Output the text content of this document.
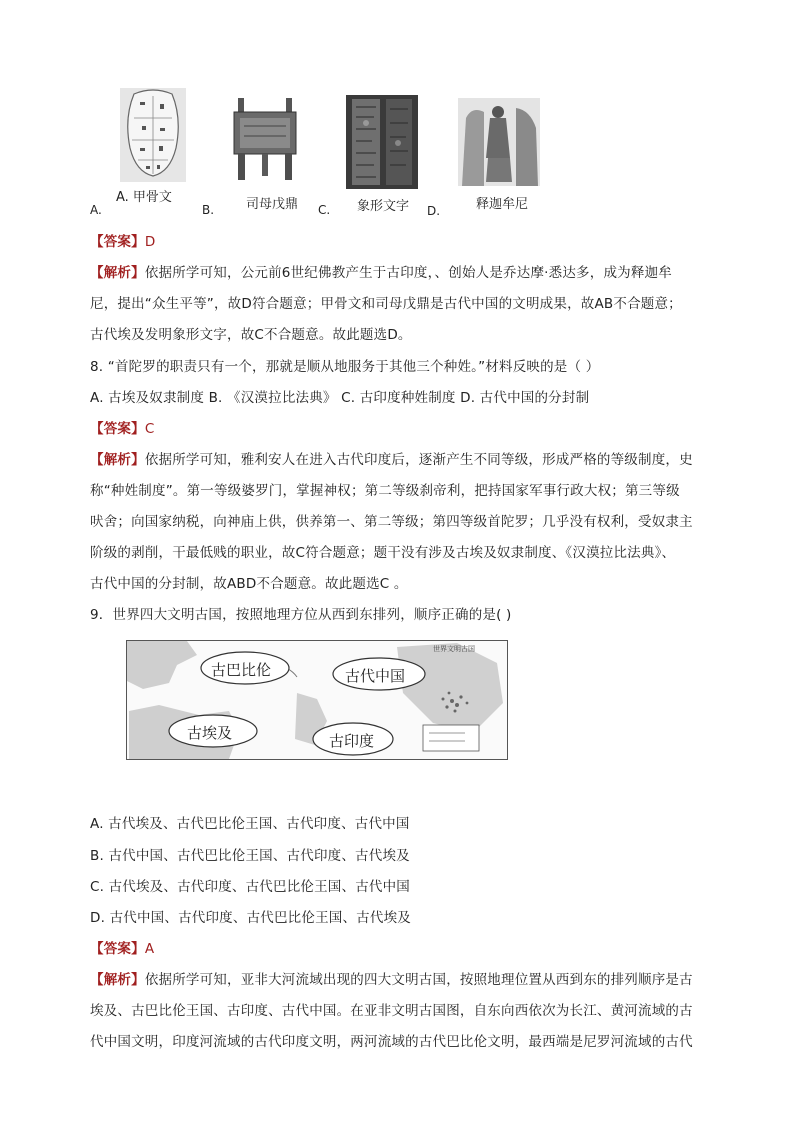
A. 甲骨文
A.	司母戊鼎
B.	象形文字
C.	释迦牟尼
D.
【答案】D
【解析】依据所学可知，公元前6世纪佛教产生于古印度，、创始人是乔达摩·悉达多，成为释迦牟
尼，提出“众生平等”，故D符合题意；甲骨文和司母戊鼎是古代中国的文明成果，故AB不合题意；
古代埃及发明象形文字，故C不合题意。故此题选D。
8. “首陀罗的职责只有一个，那就是顺从地服务于其他三个种姓。”材料反映的是（ ）
A. 古埃及奴隶制度 B. 《汉漠拉比法典》 C. 古印度种姓制度 D. 古代中国的分封制
【答案】C
【解析】依据所学可知，雅利安人在进入古代印度后，逐渐产生不同等级，形成严格的等级制度，史
称“种姓制度”。第一等级婆罗门，掌握神权；第二等级刹帝利，把持国家军事行政大权；第三等级
吠舍；向国家纳税，向神庙上供，供养第一、第二等级；第四等级首陀罗；几乎没有权利，受奴隶主
阶级的剥削，干最低贱的职业，故C符合题意；题干没有涉及古埃及奴隶制度、《汉漠拉比法典》、
古代中国的分封制，故ABD不合题意。故此题选C 。
9．世界四大文明古国，按照地理方位从西到东排列，顺序正确的是( )
古巴比伦	古代中国
古埃及	古印度
世界文明古国
A. 古代埃及、古代巴比伦王国、古代印度、古代中国
B. 古代中国、古代巴比伦王国、古代印度、古代埃及
C. 古代埃及、古代印度、古代巴比伦王国、古代中国
D. 古代中国、古代印度、古代巴比伦王国、古代埃及
【答案】A
【解析】依据所学可知，亚非大河流域出现的四大文明古国，按照地理位置从西到东的排列顺序是古
埃及、古巴比伦王国、古印度、古代中国。在亚非文明古国图，自东向西依次为长江、黄河流域的古
代中国文明，印度河流域的古代印度文明，两河流域的古代巴比伦文明，最西端是尼罗河流域的古代
